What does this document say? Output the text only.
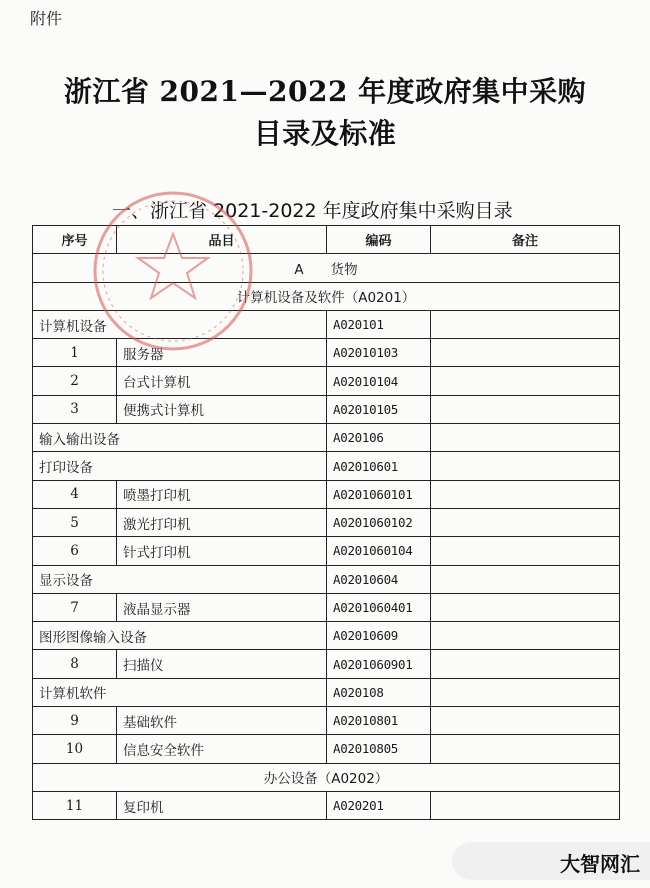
附件
浙江省 2021—2022 年度政府集中采购
目录及标准
一、浙江省 2021-2022 年度政府集中采购目录
序号	品目	编码	备注
A　　货物			
计算机设备及软件（A0201）			
计算机设备		A020101	
1	服务器	A02010103	
2	台式计算机	A02010104	
3	便携式计算机	A02010105	
输入输出设备		A020106	
打印设备		A02010601	
4	喷墨打印机	A0201060101	
5	激光打印机	A0201060102	
6	针式打印机	A0201060104	
显示设备		A02010604	
7	液晶显示器	A0201060401	
图形图像输入设备		A02010609	
8	扫描仪	A0201060901	
计算机软件		A020108	
9	基础软件	A02010801	
10	信息安全软件	A02010805	
办公设备（A0202）			
11	复印机	A020201	
大智网汇
